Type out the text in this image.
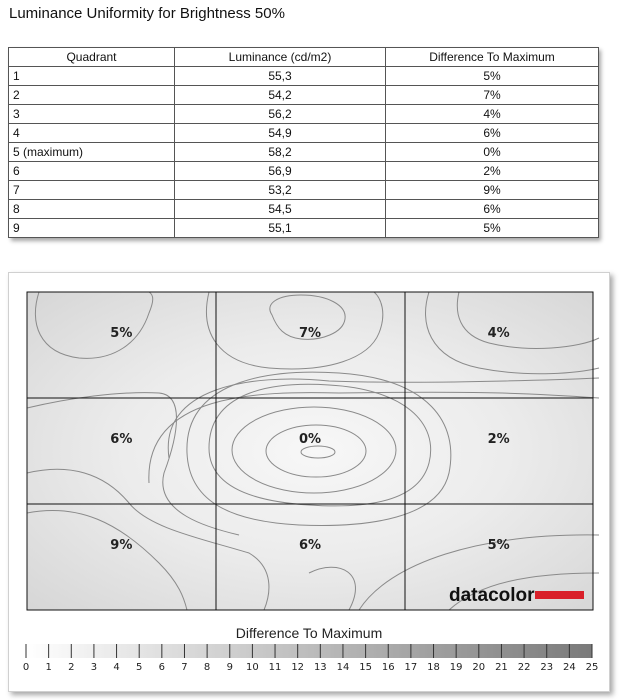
Luminance Uniformity for Brightness 50%
Quadrant	Luminance (cd/m2)	Difference To Maximum
1	55,3	5%
2	54,2	7%
3	56,2	4%
4	54,9	6%
5 (maximum)	58,2	0%
6	56,9	2%
7	53,2	9%
8	54,5	6%
9	55,1	5%
5%	7%	4%
6%	0%	2%
9%	6%	5%
datacolor
Difference To Maximum
0 1 2 3 4 5 6 7 8 9 10 11 12 13 14 15 16 17 18 19 20 21 22 23 24 25
